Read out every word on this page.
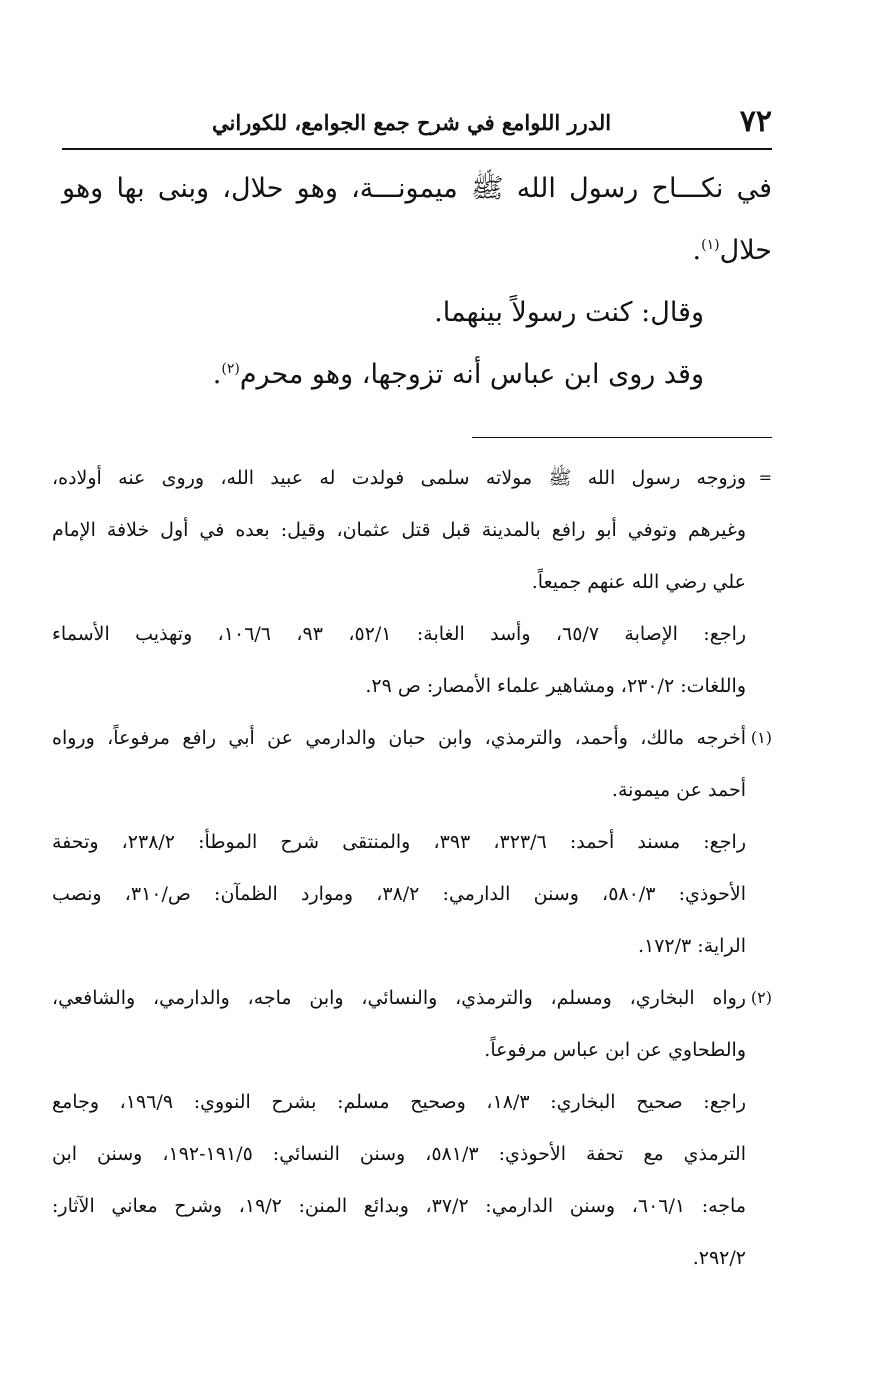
٧٢
الدرر اللوامع في شرح جمع الجوامع، للكوراني
في نكـــاح رسول الله ﷺ ميمونـــة، وهو حلال، وبنى بها وهو
حلال$^{(١)}$.
وقال: كنت رسولاً بينهما.
وقد روى ابن عباس أنه تزوجها، وهو محرم$^{(٢)}$.
=
وزوجه رسول الله ﷺ مولاته سلمى فولدت له عبيد الله، وروى عنه أولاده،
وغيرهم وتوفي أبو رافع بالمدينة قبل قتل عثمان، وقيل: بعده في أول خلافة الإمام
علي رضي الله عنهم جميعاً.
راجع: الإصابة ٦٥/٧، وأسد الغابة: ٥٢/١، ٩٣، ١٠٦/٦، وتهذيب الأسماء
واللغات: ٢٣٠/٢، ومشاهير علماء الأمصار: ص ٢٩.
(١)
أخرجه مالك، وأحمد، والترمذي، وابن حبان والدارمي عن أبي رافع مرفوعاً، ورواه
أحمد عن ميمونة.
راجع: مسند أحمد: ٣٢٣/٦، ٣٩٣، والمنتقى شرح الموطأ: ٢٣٨/٢، وتحفة
الأحوذي: ٥٨٠/٣، وسنن الدارمي: ٣٨/٢، وموارد الظمآن: ص/٣١٠، ونصب
الراية: ١٧٢/٣.
(٢)
رواه البخاري، ومسلم، والترمذي، والنسائي، وابن ماجه، والدارمي، والشافعي،
والطحاوي عن ابن عباس مرفوعاً.
راجع: صحيح البخاري: ١٨/٣، وصحيح مسلم: بشرح النووي: ١٩٦/٩، وجامع
الترمذي مع تحفة الأحوذي: ٥٨١/٣، وسنن النسائي: ١٩١/٥-١٩٢، وسنن ابن
ماجه: ٦٠٦/١، وسنن الدارمي: ٣٧/٢، وبدائع المنن: ١٩/٢، وشرح معاني الآثار:
٢٩٢/٢.
